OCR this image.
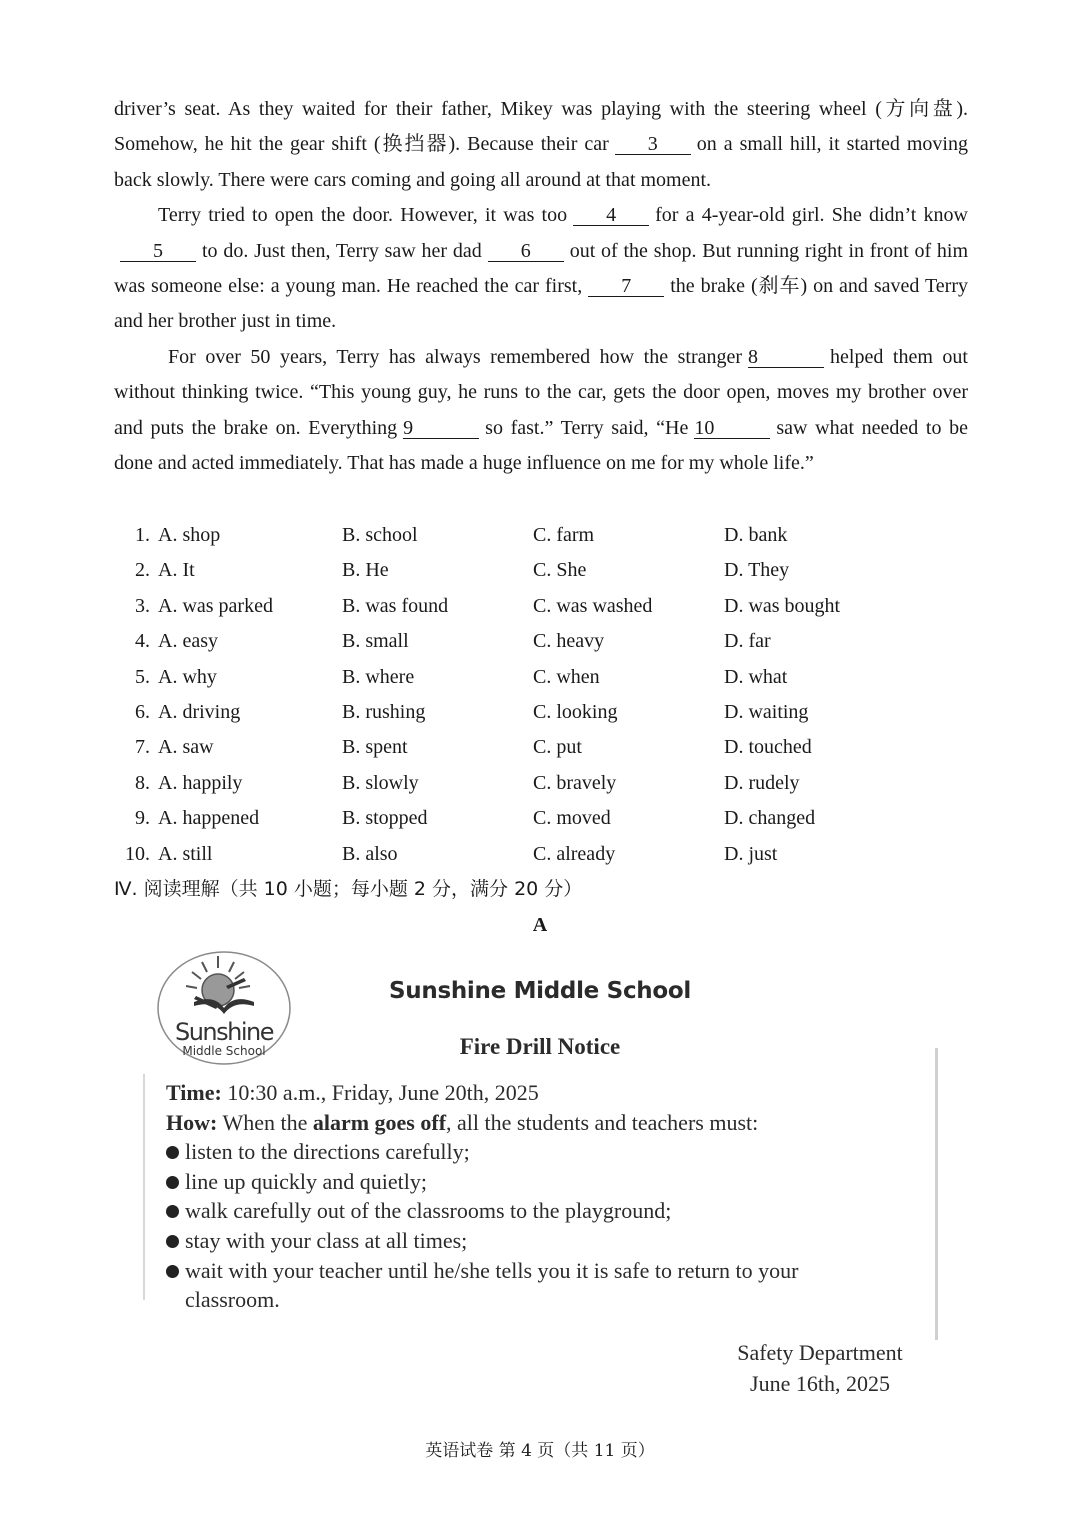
driver’s seat. As they waited for their father, Mikey was playing with the steering wheel (方向盘). Somehow, he hit the gear shift (换挡器). Because their car 3 on a small hill, it started moving back slowly. There were cars coming and going all around at that moment.

Terry tried to open the door. However, it was too 4 for a 4-year-old girl. She didn’t know5 to do. Just then, Terry saw her dad 6 out of the shop. But running right in front of him was someone else: a young man. He reached the car first, 7 the brake (刹车) on and saved Terry and her brother just in time.

For over 50 years, Terry has always remembered how the stranger 8	helped them out without thinking twice. “This young guy, he runs to the car, gets the door open, moves my brother over and puts the brake on. Everything 9	so fast.” Terry said, “He 10	saw what needed to be done and acted immediately. That has made a huge influence on me for my whole life.”

1. A. shop	B. school	C. farm	D. bank
2. A. It	B. He	C. She	D. They
3. A. was parked	B. was found	C. was washed	D. was bought
4. A. easy	B. small	C. heavy	D. far
5. A. why	B. where	C. when	D. what
6. A. driving	B. rushing	C. looking	D. waiting
7. A. saw	B. spent	C. put	D. touched
8. A. happily	B. slowly	C. bravely	D. rudely
9. A. happened	B. stopped	C. moved	D. changed
10. A. still	B. also	C. already	D. just
Ⅳ. 阅读理解（共 10 小题；每小题 2 分，满分 20 分）
A
Sunshine
Middle School
Sunshine Middle School
Fire Drill Notice
Time: 10:30 a.m., Friday, June 20th, 2025
How: When the alarm goes off, all the students and teachers must:
listen to the directions carefully;
line up quickly and quietly;
walk carefully out of the classrooms to the playground;
stay with your class at all times;
wait with your teacher until he/she tells you it is safe to return to your
classroom.
Safety Department
June 16th, 2025
英语试卷 第 4 页（共 11 页）
